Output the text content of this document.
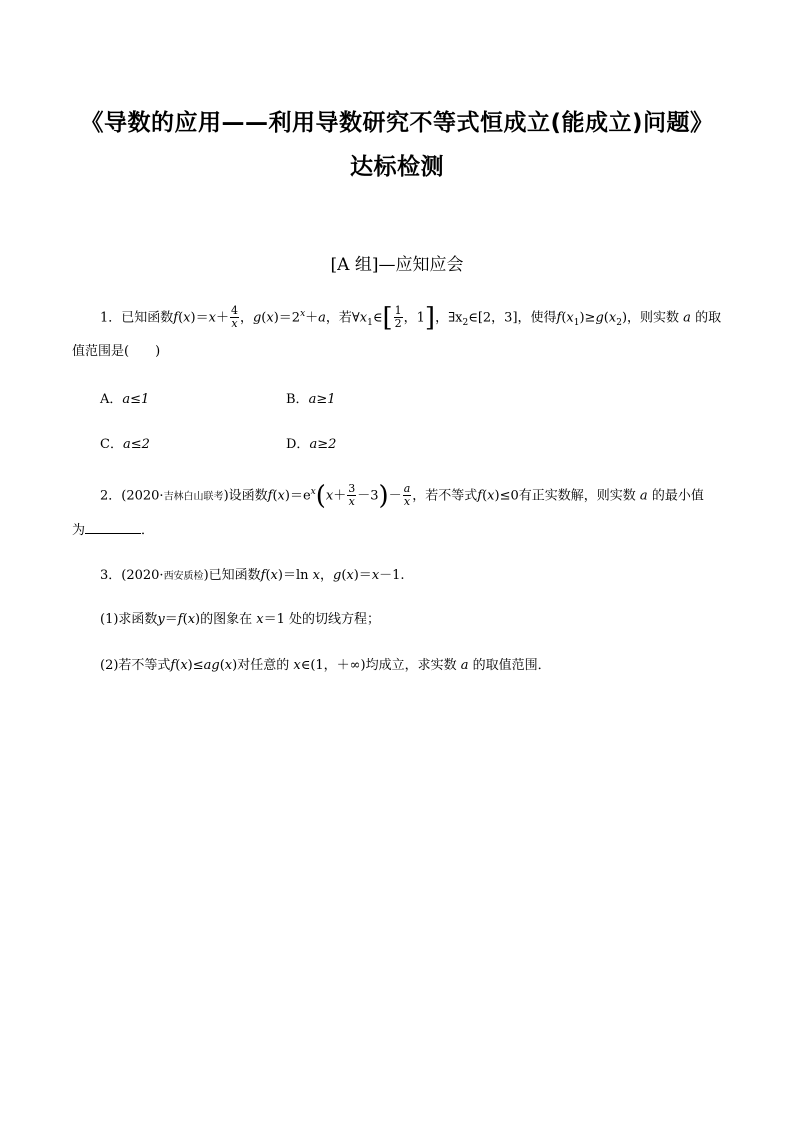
《导数的应用——利用导数研究不等式恒成立(能成立)问题》
达标检测
[A 组]—应知应会
1．已知函数$f(x)=x+ \frac{4}{x}$ ，$g(x)=2^x+a$，若$\forall x_1\in[ \frac{1}{2}$ ，1]，$\exists x_2\in[2$，3]，使得$f(x_1)\ge g(x_2)$，则实数 a 的取
值范围是(　　)
A．a≤1	B．a≥1
C．a≤2	D．a≥2
2．(2020·吉林白山联考)设函数$f(x)=e^x(x+ \frac{3}{x} -3)- \frac{a}{x}$ ，若不等式f(x)≤0有正实数解，则实数 a 的最小值
为	．
3．(2020·西安质检)已知函数f(x)＝ln x，g(x)＝x－1.
(1)求函数y＝f(x)的图象在 x＝1 处的切线方程；
(2)若不等式f(x)≤ag(x)对任意的 x∈(1，＋∞)均成立，求实数 a 的取值范围．
